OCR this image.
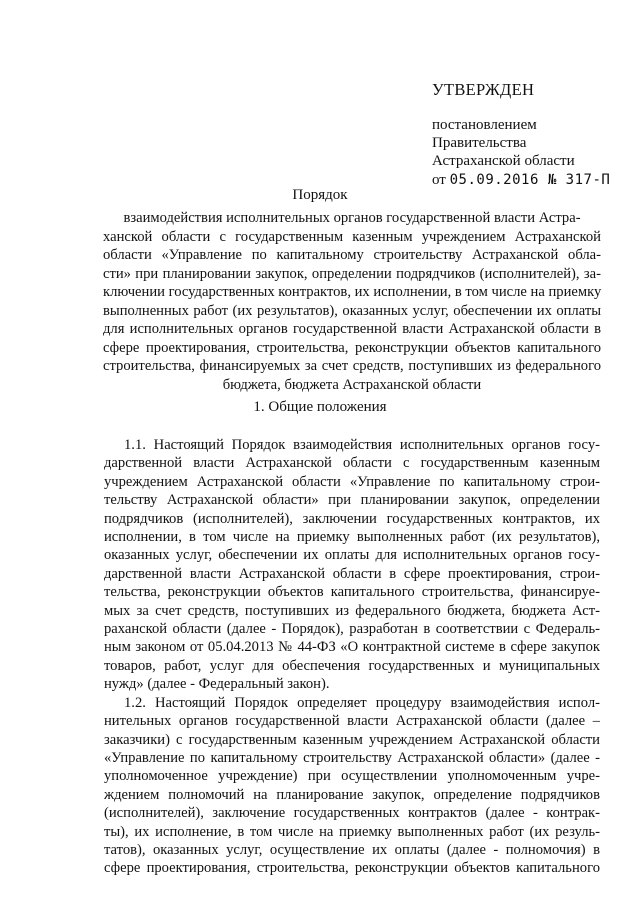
УТВЕРЖДЕН

постановлением

Правительства

Астраханской области

от 05.09.2016 № 317-П

Порядок
взаимодействия исполнительных органов государственной власти Астра-
ханской области с государственным казенным учреждением Астраханской
области «Управление по капитальному строительству Астраханской обла-
сти» при планировании закупок, определении подрядчиков (исполнителей), за-
ключении государственных контрактов, их исполнении, в том числе на приемку
выполненных работ (их результатов), оказанных услуг, обеспечении их оплаты
для исполнительных органов государственной власти Астраханской области в
сфере проектирования, строительства, реконструкции объектов капитального
строительства, финансируемых за счет средств, поступивших из федерального
бюджета, бюджета Астраханской области
1. Общие положения
1.1. Настоящий Порядок взаимодействия исполнительных органов госу-
дарственной власти Астраханской области с государственным казенным
учреждением Астраханской области «Управление по капитальному строи-
тельству Астраханской области» при планировании закупок, определении
подрядчиков (исполнителей), заключении государственных контрактов, их
исполнении, в том числе на приемку выполненных работ (их результатов),
оказанных услуг, обеспечении их оплаты для исполнительных органов госу-
дарственной власти Астраханской области в сфере проектирования, строи-
тельства, реконструкции объектов капитального строительства, финансируе-
мых за счет средств, поступивших из федерального бюджета, бюджета Аст-
раханской области (далее - Порядок), разработан в соответствии с Федераль-
ным законом от 05.04.2013 № 44-ФЗ «О контрактной системе в сфере закупок
товаров, работ, услуг для обеспечения государственных и муниципальных
нужд» (далее - Федеральный закон).
1.2. Настоящий Порядок определяет процедуру взаимодействия испол-
нительных органов государственной власти Астраханской области (далее –
заказчики) с государственным казенным учреждением Астраханской области
«Управление по капитальному строительству Астраханской области» (далее -
уполномоченное учреждение) при осуществлении уполномоченным учре-
ждением полномочий на планирование закупок, определение подрядчиков
(исполнителей), заключение государственных контрактов (далее - контрак-
ты), их исполнение, в том числе на приемку выполненных работ (их резуль-
татов), оказанных услуг, осуществление их оплаты (далее - полномочия) в
сфере проектирования, строительства, реконструкции объектов капитального
